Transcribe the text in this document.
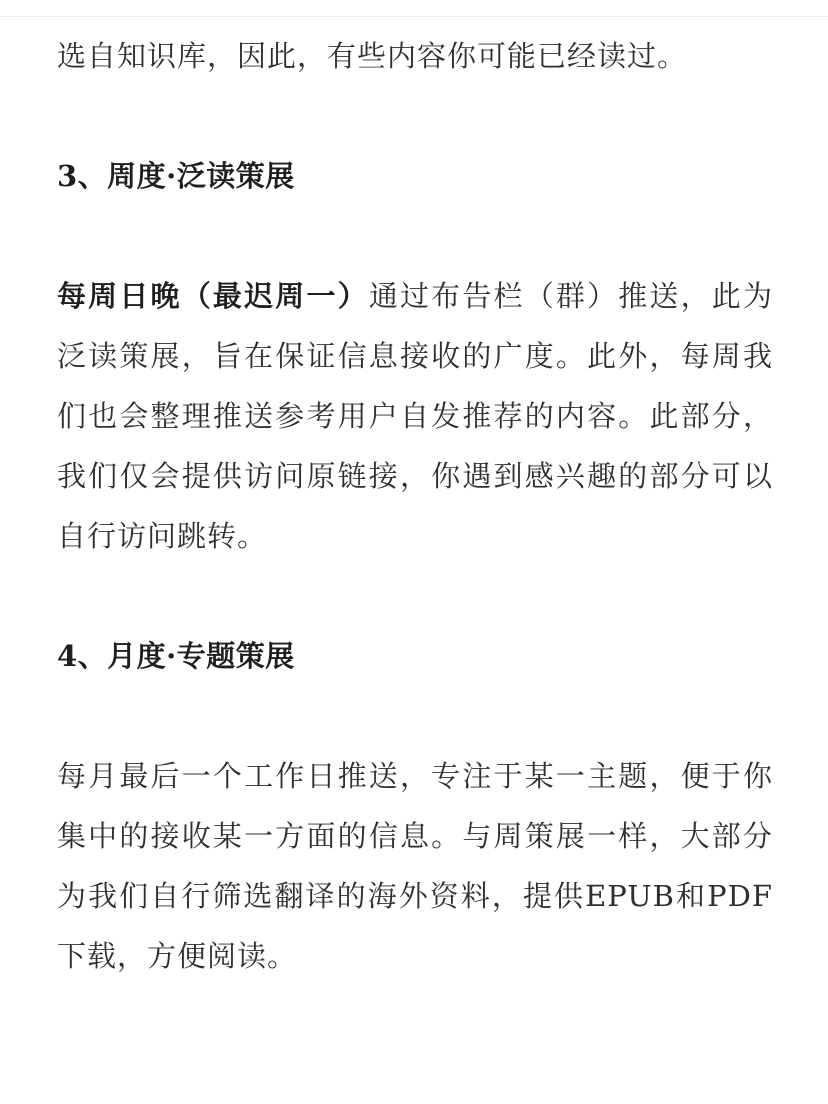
选自知识库，因此，有些内容你可能已经读过。

3、周度·泛读策展

每周日晚（最迟周一）通过布告栏（群）推送，此为泛读策展，旨在保证信息接收的广度。此外，每周我们也会整理推送参考用户自发推荐的内容。此部分，我们仅会提供访问原链接，你遇到感兴趣的部分可以自行访问跳转。

4、月度·专题策展

每月最后一个工作日推送，专注于某一主题，便于你集中的接收某一方面的信息。与周策展一样，大部分为我们自行筛选翻译的海外资料，提供EPUB和PDF下载，方便阅读。
